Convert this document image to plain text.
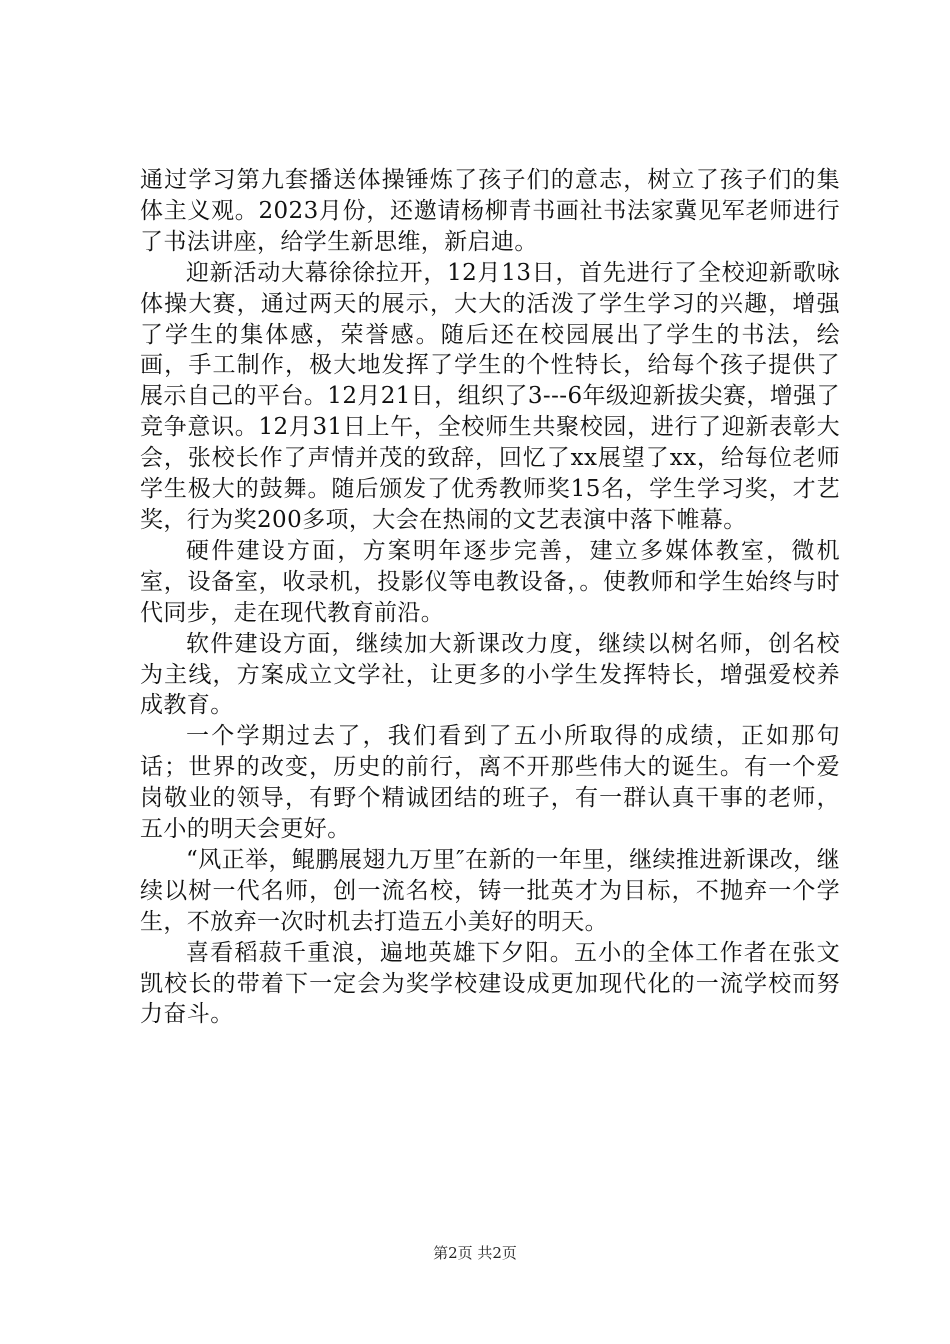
通过学习第九套播送体操锤炼了孩子们的意志，树立了孩子们的集体主义观。2023月份，还邀请杨柳青书画社书法家冀见军老师进行了书法讲座，给学生新思维，新启迪。

迎新活动大幕徐徐拉开，12月13日，首先进行了全校迎新歌咏体操大赛，通过两天的展示，大大的活泼了学生学习的兴趣，增强了学生的集体感，荣誉感。随后还在校园展出了学生的书法，绘画，手工制作，极大地发挥了学生的个性特长，给每个孩子提供了展示自己的平台。12月21日，组织了3---6年级迎新拔尖赛，增强了竞争意识。12月31日上午，全校师生共聚校园，进行了迎新表彰大会，张校长作了声情并茂的致辞，回忆了xx展望了xx，给每位老师学生极大的鼓舞。随后颁发了优秀教师奖15名，学生学习奖，才艺奖，行为奖200多项，大会在热闹的文艺表演中落下帷幕。

硬件建设方面，方案明年逐步完善，建立多媒体教室，微机室，设备室，收录机，投影仪等电教设备，。使教师和学生始终与时代同步，走在现代教育前沿。

软件建设方面，继续加大新课改力度，继续以树名师，创名校为主线，方案成立文学社，让更多的小学生发挥特长，增强爱校养成教育。

一个学期过去了，我们看到了五小所取得的成绩，正如那句话；世界的改变，历史的前行，离不开那些伟大的诞生。有一个爱岗敬业的领导，有野个精诚团结的班子，有一群认真干事的老师，五小的明天会更好。

“风正举，鲲鹏展翅九万里″在新的一年里，继续推进新课改，继续以树一代名师，创一流名校，铸一批英才为目标，不抛弃一个学生，不放弃一次时机去打造五小美好的明天。

喜看稻菽千重浪，遍地英雄下夕阳。五小的全体工作者在张文凯校长的带着下一定会为奖学校建设成更加现代化的一流学校而努力奋斗。

第2页 共2页
